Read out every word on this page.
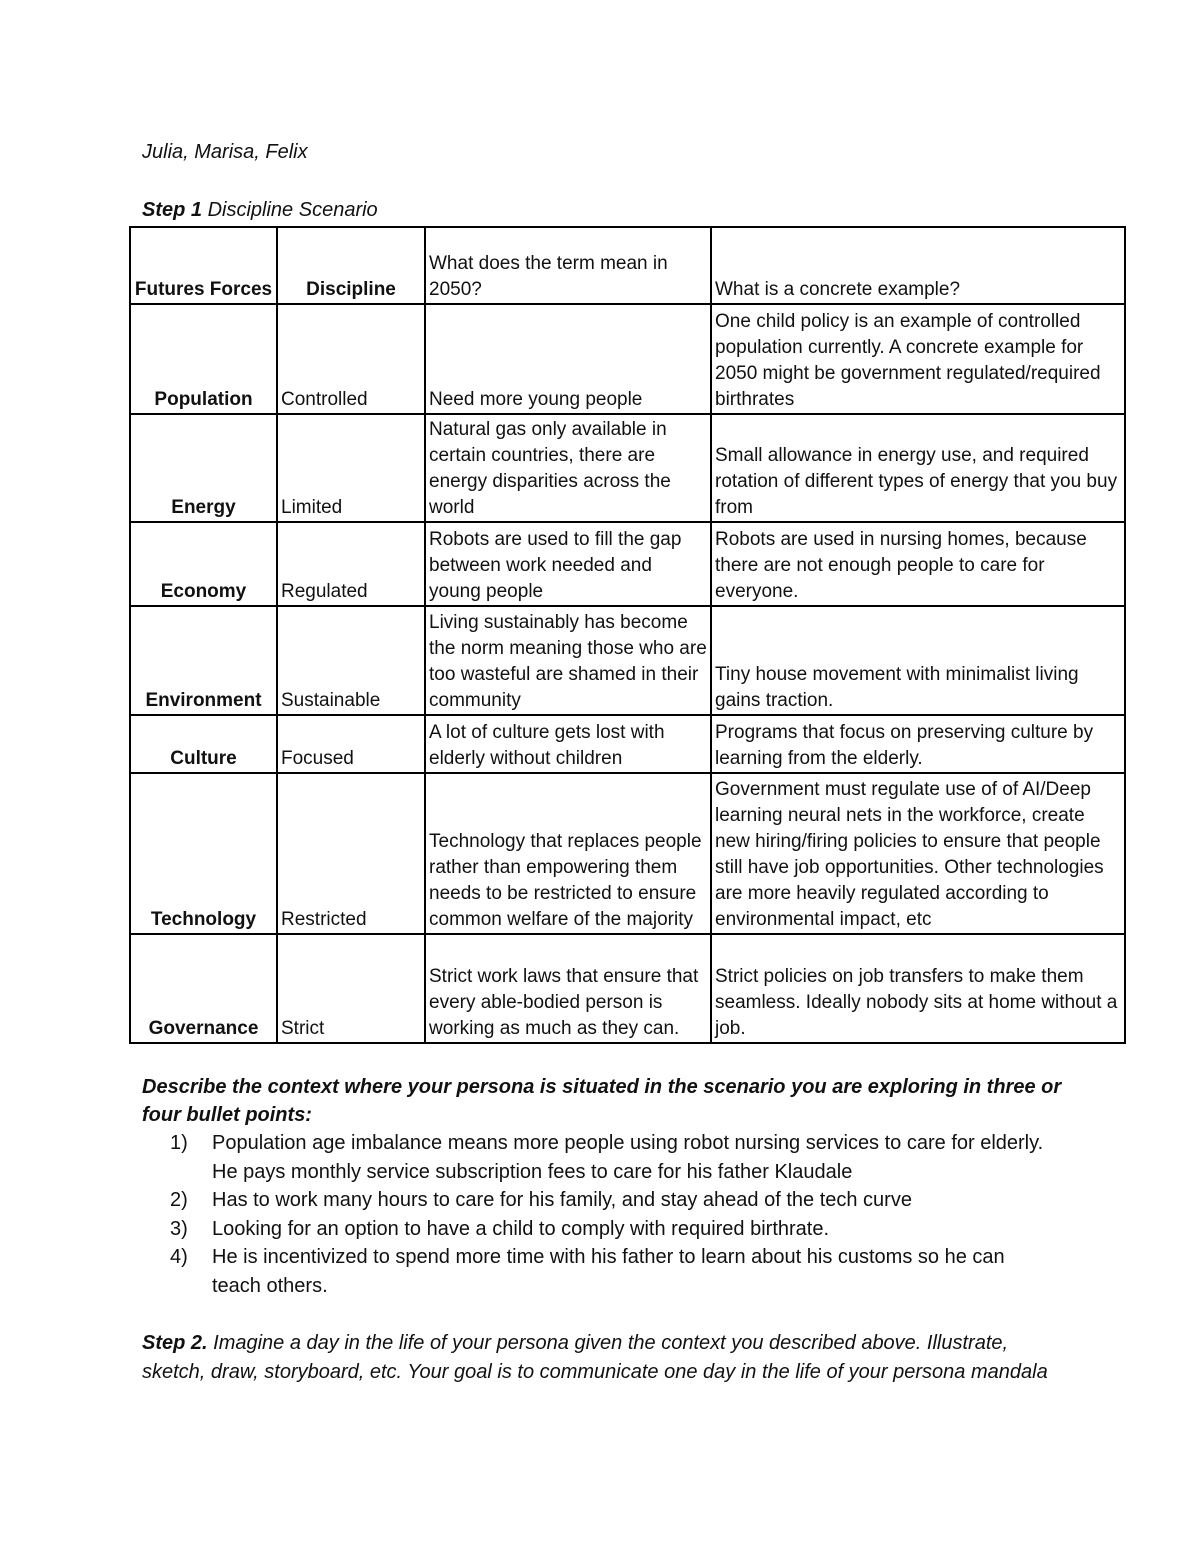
Julia, Marisa, Felix
Step 1 Discipline Scenario
Futures Forces	Discipline	What does the term mean in 2050?	What is a concrete example?
Population	Controlled	Need more young people	One child policy is an example of controlled population currently. A concrete example for 2050 might be government regulated/required birthrates
Energy	Limited	Natural gas only available in certain countries, there are energy disparities across the world	Small allowance in energy use, and required rotation of different types of energy that you buy from
Economy	Regulated	Robots are used to fill the gap between work needed and young people	Robots are used in nursing homes, because there are not enough people to care for everyone.
Environment	Sustainable	Living sustainably has become the norm meaning those who are too wasteful are shamed in their community	Tiny house movement with minimalist living gains traction.
Culture	Focused	A lot of culture gets lost with elderly without children	Programs that focus on preserving culture by learning from the elderly.
Technology	Restricted	Technology that replaces people rather than empowering them needs to be restricted to ensure common welfare of the majority	Government must regulate use of of AI/Deep learning neural nets in the workforce, create new hiring/firing policies to ensure that people still have job opportunities. Other technologies are more heavily regulated according to environmental impact, etc
Governance	Strict	Strict work laws that ensure that every able-bodied person is working as much as they can.	Strict policies on job transfers to make them seamless. Ideally nobody sits at home without a job.
Describe the context where your persona is situated in the scenario you are exploring in three or four bullet points:
1) Population age imbalance means more people using robot nursing services to care for elderly. He pays monthly service subscription fees to care for his father Klaudale
2) Has to work many hours to care for his family, and stay ahead of the tech curve
3) Looking for an option to have a child to comply with required birthrate.
4) He is incentivized to spend more time with his father to learn about his customs so he can teach others.
Step 2. Imagine a day in the life of your persona given the context you described above. Illustrate, sketch, draw, storyboard, etc. Your goal is to communicate one day in the life of your persona mandala
